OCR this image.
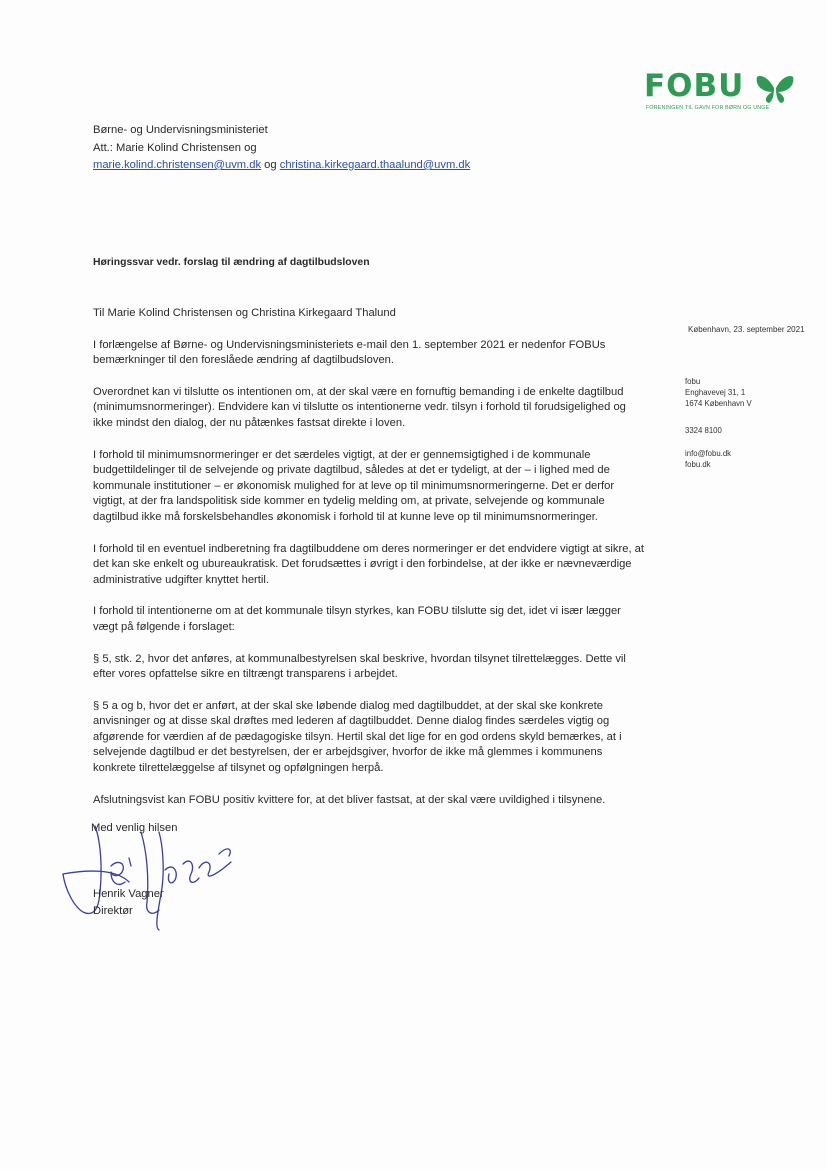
FOBU
FORENINGEN TIL GAVN FOR BØRN OG UNGE
Børne- og Undervisningsministeriet
Att.: Marie Kolind Christensen og
marie.kolind.christensen@uvm.dk og christina.kirkegaard.thaalund@uvm.dk
Høringssvar vedr. forslag til ændring af dagtilbudsloven

Til Marie Kolind Christensen og Christina Kirkegaard Thalund

I forlængelse af Børne- og Undervisningsministeriets e-mail den 1. september 2021 er nedenfor FOBUs bemærkninger til den foreslåede ændring af dagtilbudsloven.

Overordnet kan vi tilslutte os intentionen om, at der skal være en fornuftig bemanding i de enkelte dagtilbud (minimumsnormeringer). Endvidere kan vi tilslutte os intentionerne vedr. tilsyn i forhold til forudsigelighed og ikke mindst den dialog, der nu påtænkes fastsat direkte i loven.

I forhold til minimumsnormeringer er det særdeles vigtigt, at der er gennemsigtighed i de kommunale budgettildelinger til de selvejende og private dagtilbud, således at det er tydeligt, at der – i lighed med de kommunale institutioner – er økonomisk mulighed for at leve op til minimumsnormeringerne. Det er derfor vigtigt, at der fra landspolitisk side kommer en tydelig melding om, at private, selvejende og kommunale dagtilbud ikke må forskelsbehandles økonomisk i forhold til at kunne leve op til minimumsnormeringer.

I forhold til en eventuel indberetning fra dagtilbuddene om deres normeringer er det endvidere vigtigt at sikre, at det kan ske enkelt og ubureaukratisk. Det forudsættes i øvrigt i den forbindelse, at der ikke er nævneværdige administrative udgifter knyttet hertil.

I forhold til intentionerne om at det kommunale tilsyn styrkes, kan FOBU tilslutte sig det, idet vi især lægger vægt på følgende i forslaget:

§ 5, stk. 2, hvor det anføres, at kommunalbestyrelsen skal beskrive, hvordan tilsynet tilrettelægges. Dette vil efter vores opfattelse sikre en tiltrængt transparens i arbejdet.

§ 5 a og b, hvor det er anført, at der skal ske løbende dialog med dagtilbuddet, at der skal ske konkrete anvisninger og at disse skal drøftes med lederen af dagtilbuddet. Denne dialog findes særdeles vigtig og afgørende for værdien af de pædagogiske tilsyn. Hertil skal det lige for en god ordens skyld bemærkes, at i selvejende dagtilbud er det bestyrelsen, der er arbejdsgiver, hvorfor de ikke må glemmes i kommunens konkrete tilrettelæggelse af tilsynet og opfølgningen herpå.

Afslutningsvist kan FOBU positiv kvittere for, at det bliver fastsat, at der skal være uvildighed i tilsynene.

København, 23. september 2021
fobu
Enghavevej 31, 1
1674 København V
3324 8100
info@fobu.dk
fobu.dk
Med venlig hilsen
Henrik Vagner
Direktør
